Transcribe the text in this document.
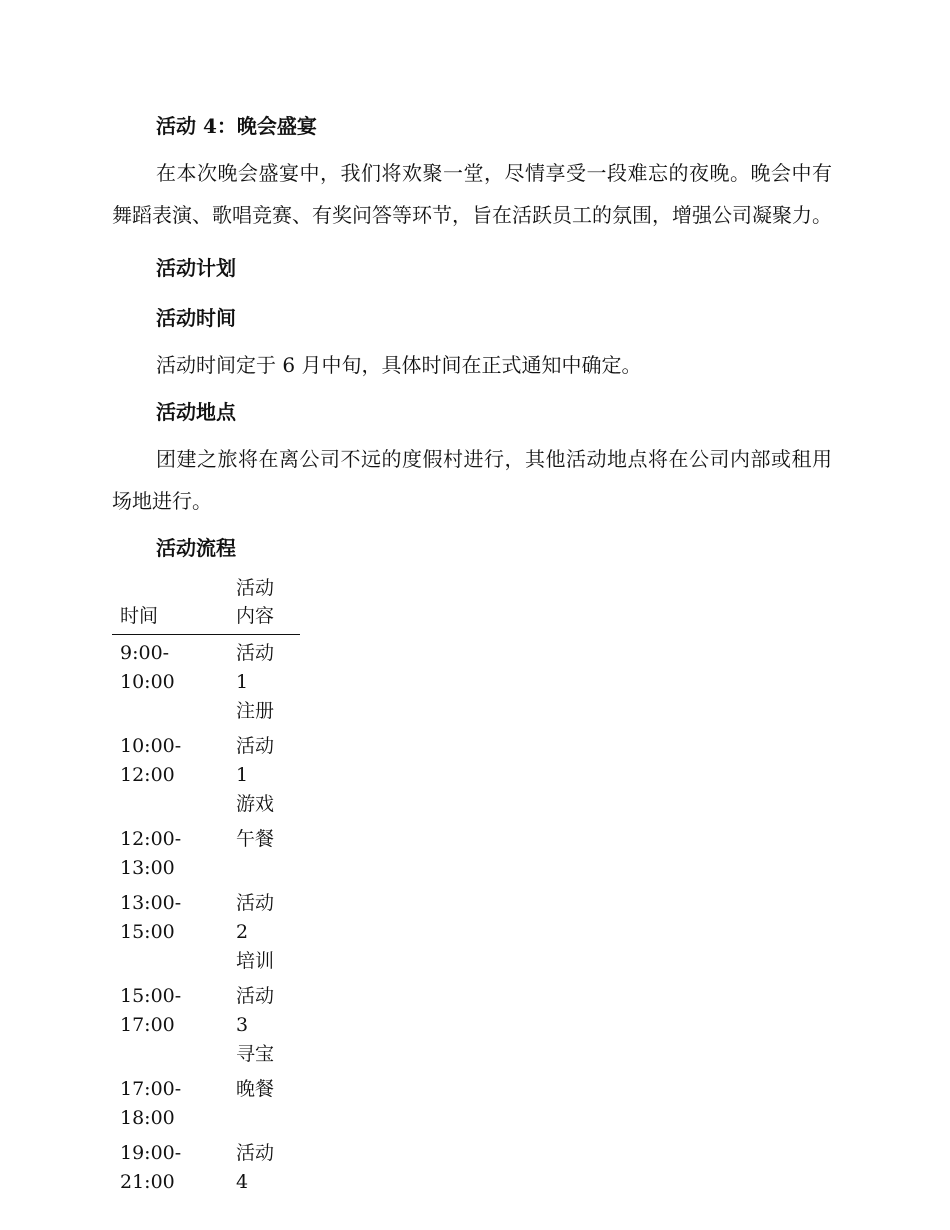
活动 4：晚会盛宴

在本次晚会盛宴中，我们将欢聚一堂，尽情享受一段难忘的夜晚。晚会中有舞蹈表演、歌唱竞赛、有奖问答等环节，旨在活跃员工的氛围，增强公司凝聚力。

活动计划

活动时间

活动时间定于 6 月中旬，具体时间在正式通知中确定。

活动地点

团建之旅将在离公司不远的度假村进行，其他活动地点将在公司内部或租用场地进行。

活动流程

时间	活动
内容
9:00-10:00	活动 1
注册
10:00-12:00	活动 1
游戏
12:00-13:00	午餐
13:00-15:00	活动 2
培训
15:00-17:00	活动 3
寻宝
17:00-18:00	晚餐
19:00-21:00	活动 4
